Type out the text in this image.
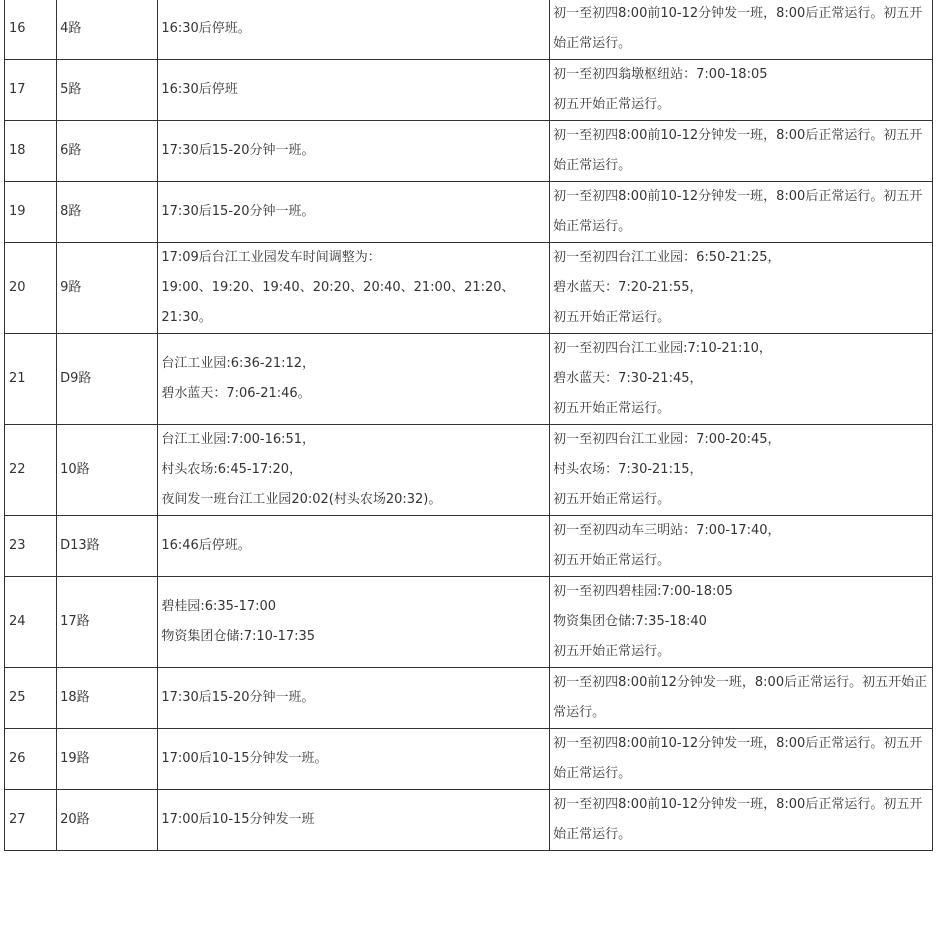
16	4路	16:30后停班。	初一至初四8:00前10-12分钟发一班，8:00后正常运行。初五开始正常运行。

17	5路	16:30后停班	初一至初四翁墩枢纽站：7:00-18:05
初五开始正常运行。

18	6路	17:30后15-20分钟一班。	初一至初四8:00前10-12分钟发一班，8:00后正常运行。初五开始正常运行。

19	8路	17:30后15-20分钟一班。	初一至初四8:00前10-12分钟发一班，8:00后正常运行。初五开始正常运行。

20	9路	17:09后台江工业园发车时间调整为：
19:00、19:20、19:40、20:20、20:40、21:00、21:20、
21:30。	初一至初四台江工业园：6:50-21:25，
碧水蓝天：7:20-21:55，
初五开始正常运行。

21	D9路	台江工业园:6:36-21:12，
碧水蓝天：7:06-21:46。	初一至初四台江工业园:7:10-21:10，
碧水蓝天：7:30-21:45，
初五开始正常运行。

22	10路	台江工业园:7:00-16:51，
村头农场:6:45-17:20，
夜间发一班台江工业园20:02(村头农场20:32)。	初一至初四台江工业园：7:00-20:45，
村头农场：7:30-21:15，
初五开始正常运行。

23	D13路	16:46后停班。	初一至初四动车三明站：7:00-17:40，
初五开始正常运行。

24	17路	碧桂园:6:35-17:00
物资集团仓储:7:10-17:35	初一至初四碧桂园:7:00-18:05
物资集团仓储:7:35-18:40
初五开始正常运行。

25	18路	17:30后15-20分钟一班。	初一至初四8:00前12分钟发一班，8:00后正常运行。初五开始正常运行。

26	19路	17:00后10-15分钟发一班。	初一至初四8:00前10-12分钟发一班，8:00后正常运行。初五开始正常运行。

27	20路	17:00后10-15分钟发一班	初一至初四8:00前10-12分钟发一班，8:00后正常运行。初五开始正常运行。
